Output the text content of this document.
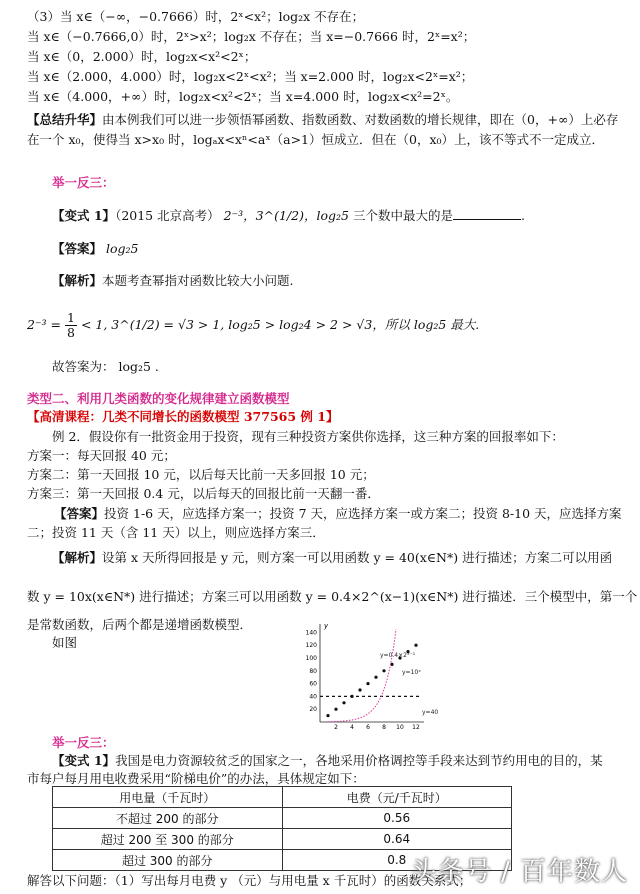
（3）当 x∈（−∞，−0.7666）时，2ˣ<x²；log₂x 不存在；
当 x∈（−0.7666,0）时，2ˣ>x²；log₂x 不存在；当 x=−0.7666 时，2ˣ=x²；
当 x∈（0，2.000）时，log₂x<x²<2ˣ；
当 x∈（2.000，4.000）时，log₂x<2ˣ<x²；当 x=2.000 时，log₂x<2ˣ=x²；
当 x∈（4.000，+∞）时，log₂x<x²<2ˣ；当 x=4.000 时，log₂x<x²=2ˣ。
【总结升华】由本例我们可以进一步领悟幂函数、指数函数、对数函数的增长规律，即在（0，+∞）上必存在一个 x₀，使得当 x>x₀ 时，logₐx<xⁿ<aˣ（a>1）恒成立．但在（0，x₀）上，该不等式不一定成立．
举一反三：
【变式 1】（2015 北京高考） 2⁻³，3^(1/2)，log₂5 三个数中最大的是	.
【答案】 log₂5
【解析】本题考查幂指对函数比较大小问题.
$2^{-3} = \frac{1}{8} < 1$, 3^(1/2) = √3 > 1, log₂5 > log₂4 > 2 > √3，所以 log₂5 最大.
故答案为： log₂5 .
类型二、利用几类函数的变化规律建立函数模型
【高清课程：几类不同增长的函数模型 377565 例 1】
例 2．假设你有一批资金用于投资，现有三种投资方案供你选择，这三种方案的回报率如下：
方案一：每天回报 40 元；
方案二：第一天回报 10 元，以后每天比前一天多回报 10 元；
方案三：第一天回报 0.4 元，以后每天的回报比前一天翻一番．
【答案】投资 1-6 天，应选择方案一；投资 7 天，应选择方案一或方案二；投资 8-10 天，应选择方案二；投资 11 天（含 11 天）以上，则应选择方案三．
【解析】设第 x 天所得回报是 y 元，则方案一可以用函数 y = 40(x∈N*) 进行描述；方案二可以用函
数 y = 10x(x∈N*) 进行描述；方案三可以用函数 y = 0.4×2^(x−1)(x∈N*) 进行描述．三个模型中，第一个
是常数函数，后两个都是递增函数模型．
如图
y
20
40
60
80
100
120
140
2 4 6 8 10 12
y=0.4×2ˣ⁻¹
y=10ˣ
y=40
举一反三：
【变式 1】我国是电力资源较贫乏的国家之一，各地采用价格调控等手段来达到节约用电的目的，某
市每户每月用电收费采用“阶梯电价”的办法，具体规定如下：
用电量（千瓦时）	电费（元/千瓦时）
不超过 200 的部分	0.56
超过 200 至 300 的部分	0.64
超过 300 的部分	0.8
解答以下问题：（1）写出每月电费 y （元）与用电量 x 千瓦时）的函数关系式；
头条号 / 百年数人
